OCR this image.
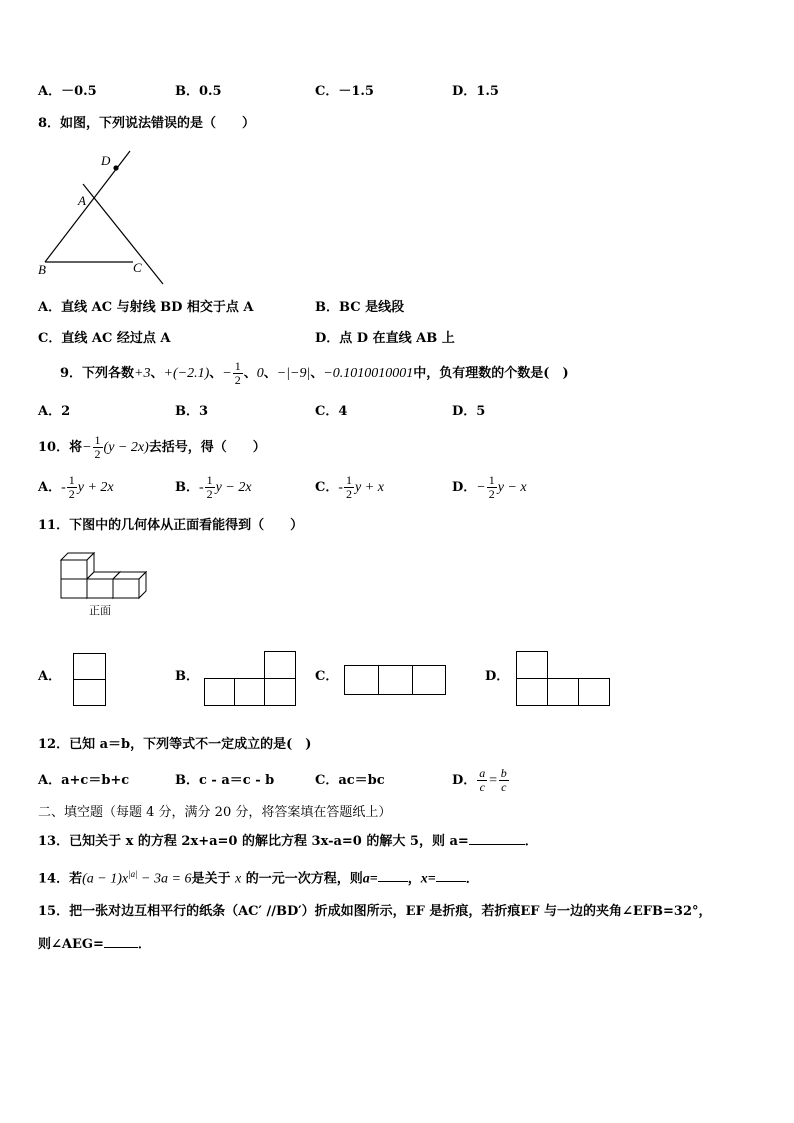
A．－0.5	B．0.5	C．－1.5	D．1.5
8．如图，下列说法错误的是（　　）
D
A
B	C
A．直线 AC 与射线 BD 相交于点 A	B．BC 是线段
C．直线 AC 经过点 A	D．点 D 在直线 AB 上
9．下列各数+3、+(−2.1)、− $\frac{1}{2}$ 、0、−|−9|、−0.1010010001中，负有理数的个数是(　)
A．2	B．3	C．4	D．5
10．将− $\frac{1}{2} (y - 2x)$去括号，得（　　）
A．- $\frac{1}{2}$ y + 2x	B．- $\frac{1}{2}$ y − 2x	C．- $\frac{1}{2}$ y + x	D．− $\frac{1}{2}$ y − x
11．下图中的几何体从正面看能得到（　　）
正面
A．	B．	C．	D．
12．已知 a＝b，下列等式不一定成立的是(　)
A．a+c＝b+c	B．c - a＝c - b	C．ac＝bc	D． $\frac{a}{c} = \frac{b}{c}$
二、填空题（每题 4 分，满分 20 分，将答案填在答题纸上）
13．已知关于 x 的方程 2x+a=0 的解比方程 3x-a=0 的解大 5，则 a=	．
14．若$(a - 1)x^{|a|} - 3a = 6$是关于 x 的一元一次方程，则a= ，x= ．
15．把一张对边互相平行的纸条（AC′ //BD′）折成如图所示，EF 是折痕，若折痕EF 与一边的夹角∠EFB=32°，
则∠AEG=	．
